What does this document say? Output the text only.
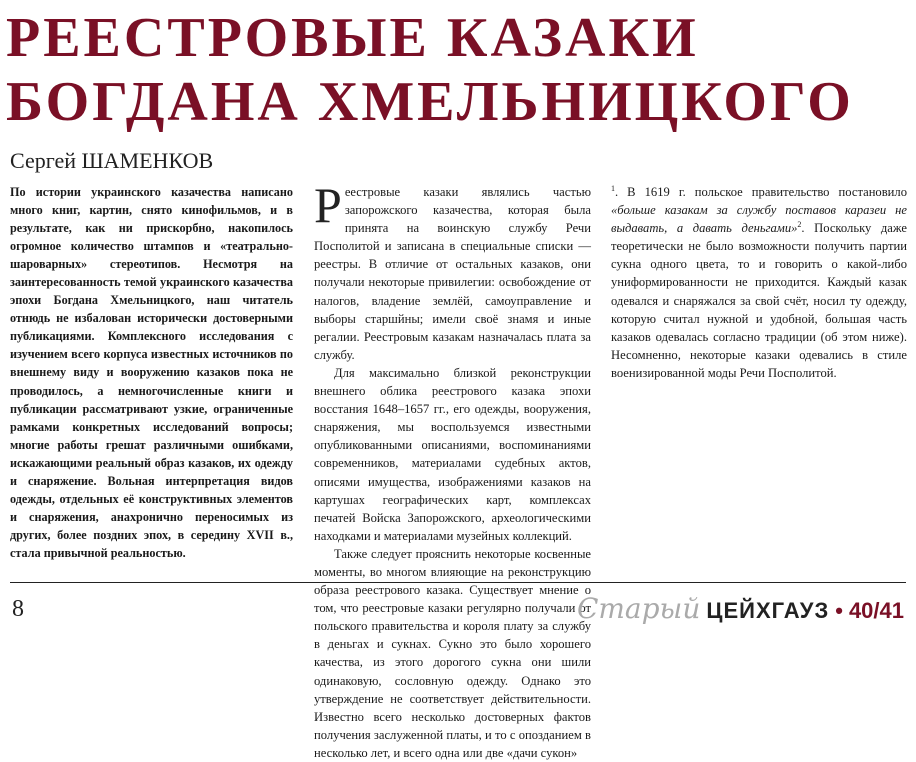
РЕЕСТРОВЫЕ КАЗАКИ
БОГДАНА ХМЕЛЬНИЦКОГО
Сергей ШАМЕНКОВ

По истории украинского казачества написано много книг, картин, снято кинофильмов, и в результате, как ни прискорбно, накопилось огромное количество штампов и «театрально-шароварных» стереотипов. Несмотря на заинтересованность темой украинского казачества эпохи Богдана Хмельницкого, наш читатель отнюдь не избалован исторически достоверными публикациями. Комплексного исследования с изучением всего корпуса известных источников по внешнему виду и вооружению казаков пока не проводилось, а немногочисленные книги и публикации рассматривают узкие, ограниченные рамками конкретных исследований вопросы; многие работы грешат различными ошибками, искажающими реальный образ казаков, их одежду и снаряжение. Вольная интерпретация видов одежды, отдельных её конструктивных элементов и снаряжения, анахронично переносимых из других, более поздних эпох, в середину XVII в., стала привычной реальностью.

Реестровые казаки являлись частью запорожского казачества, которая была принята на воинскую службу Речи Посполитой и записана в специальные списки — реестры. В отличие от остальных казаков, они получали некоторые привилегии: освобождение от налогов, владение землёй, самоуправление и выборы старшйны; имели своё знамя и иные регалии. Реестровым казакам назначалась плата за службу.

Для максимально близкой реконструкции внешнего облика реестрового казака эпохи восстания 1648–1657 гг., его одежды, вооружения, снаряжения, мы воспользуемся известными опубликованными описаниями, воспоминаниями современников, материалами судебных актов, описями имущества, изображениями казаков на картушах географических карт, комплексах печатей Войска Запорожского, археологическими находками и материалами музейных коллекций.

Также следует прояснить некоторые косвенные моменты, во многом влияющие на реконструкцию образа реестрового казака. Существует мнение о том, что реестровые казаки регулярно получали от польского правительства и короля плату за службу в деньгах и сукнах. Сукно это было хорошего качества, из этого дорогого сукна они шили одинаковую, сословную одежду. Однако это утверждение не соответствует действительности. Известно всего несколько достоверных фактов получения заслуженной платы, и то с опозданием в несколько лет, и всего одна или две «дачи сукон»

$^1$. В 1619 г. польское правительство постановило «больше казакам за службу поставов каразеи не выдавать, а давать деньгами»$^2$. Поскольку даже теоретически не было возможности получить партии сукна одного цвета, то и говорить о какой-либо униформированности не приходится. Каждый казак одевался и снаряжался за свой счёт, носил ту одежду, которую считал нужной и удобной, большая часть казаков одевалась согласно традиции (об этом ниже). Несомненно, некоторые казаки одевались в стиле военизированной моды Речи Посполитой.

8	Старый ЦЕЙХГАУЗ • 40/41
